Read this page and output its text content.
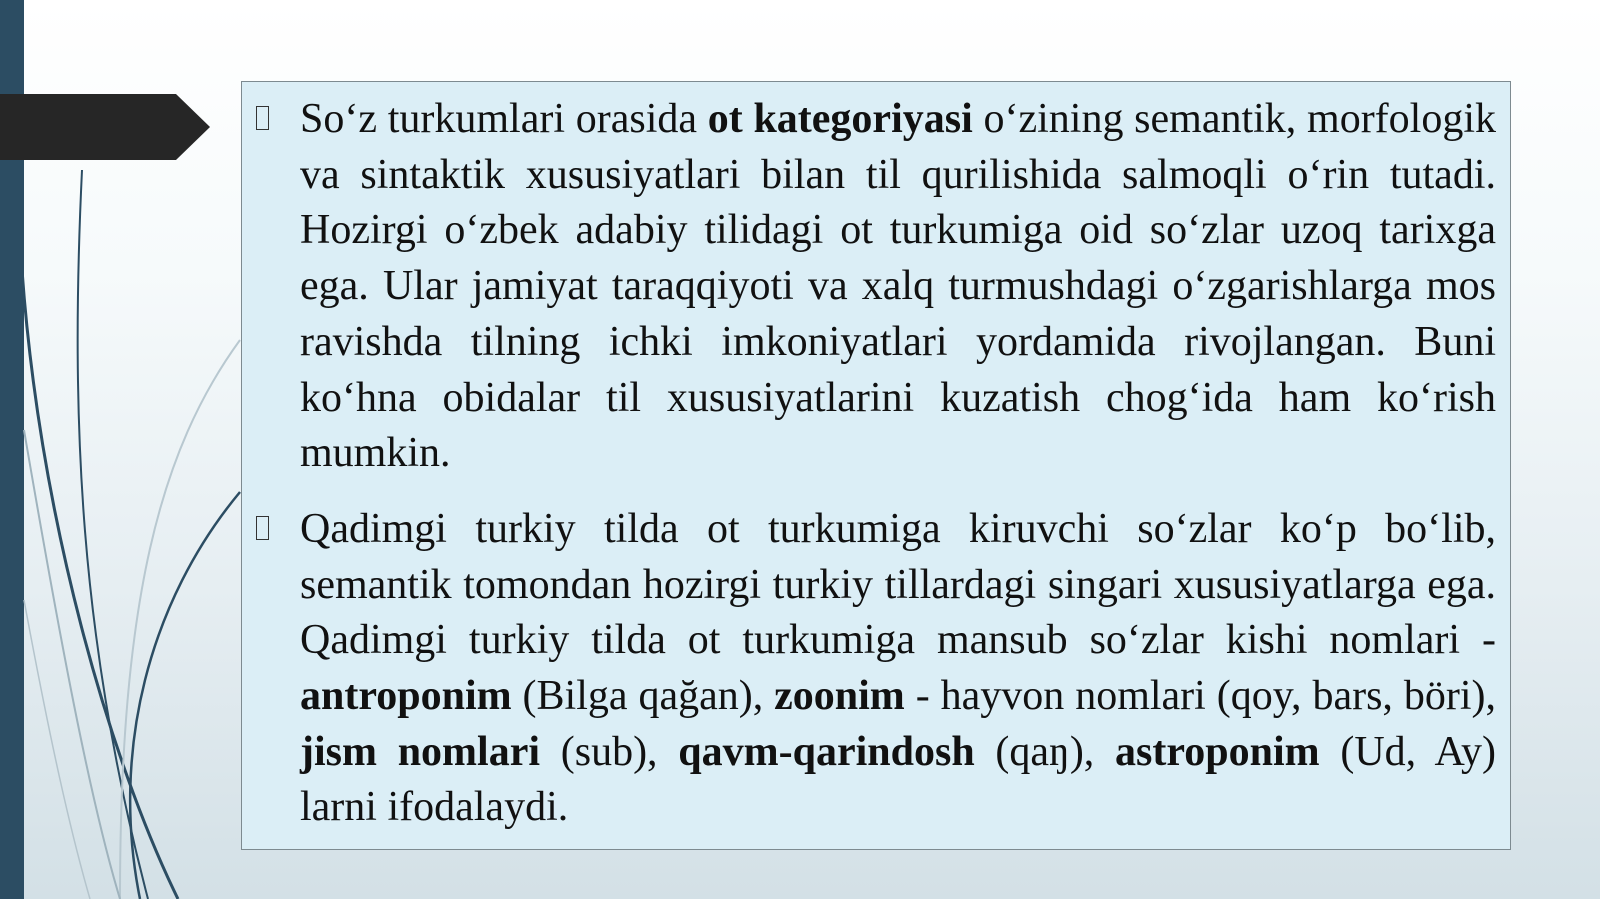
So‘z turkumlari orasida ot kategoriyasi o‘zining semantik, morfologik va sintaktik xususiyatlari bilan til qurilishida salmoqli o‘rin tutadi. Hozirgi o‘zbek adabiy tilidagi ot turkumiga oid so‘zlar uzoq tarixga ega. Ular jamiyat taraqqiyoti va xalq turmushdagi o‘zgarishlarga mos ravishda tilning ichki imkoniyatlari yordamida rivojlangan. Buni ko‘hna obidalar til xususiyatlarini kuzatish chog‘ida ham ko‘rish mumkin.
Qadimgi turkiy tilda ot turkumiga kiruvchi so‘zlar ko‘p bo‘lib, semantik tomondan hozirgi turkiy tillardagi singari xususiyatlarga ega. Qadimgi turkiy tilda ot turkumiga mansub so‘zlar kishi nomlari - antroponim (Bilga qağan), zoonim - hayvon nomlari (qoy, bars, böri), jism nomlari (sub), qavm-qarindosh (qaŋ), astroponim (Ud, Ay) larni ifodalaydi.
